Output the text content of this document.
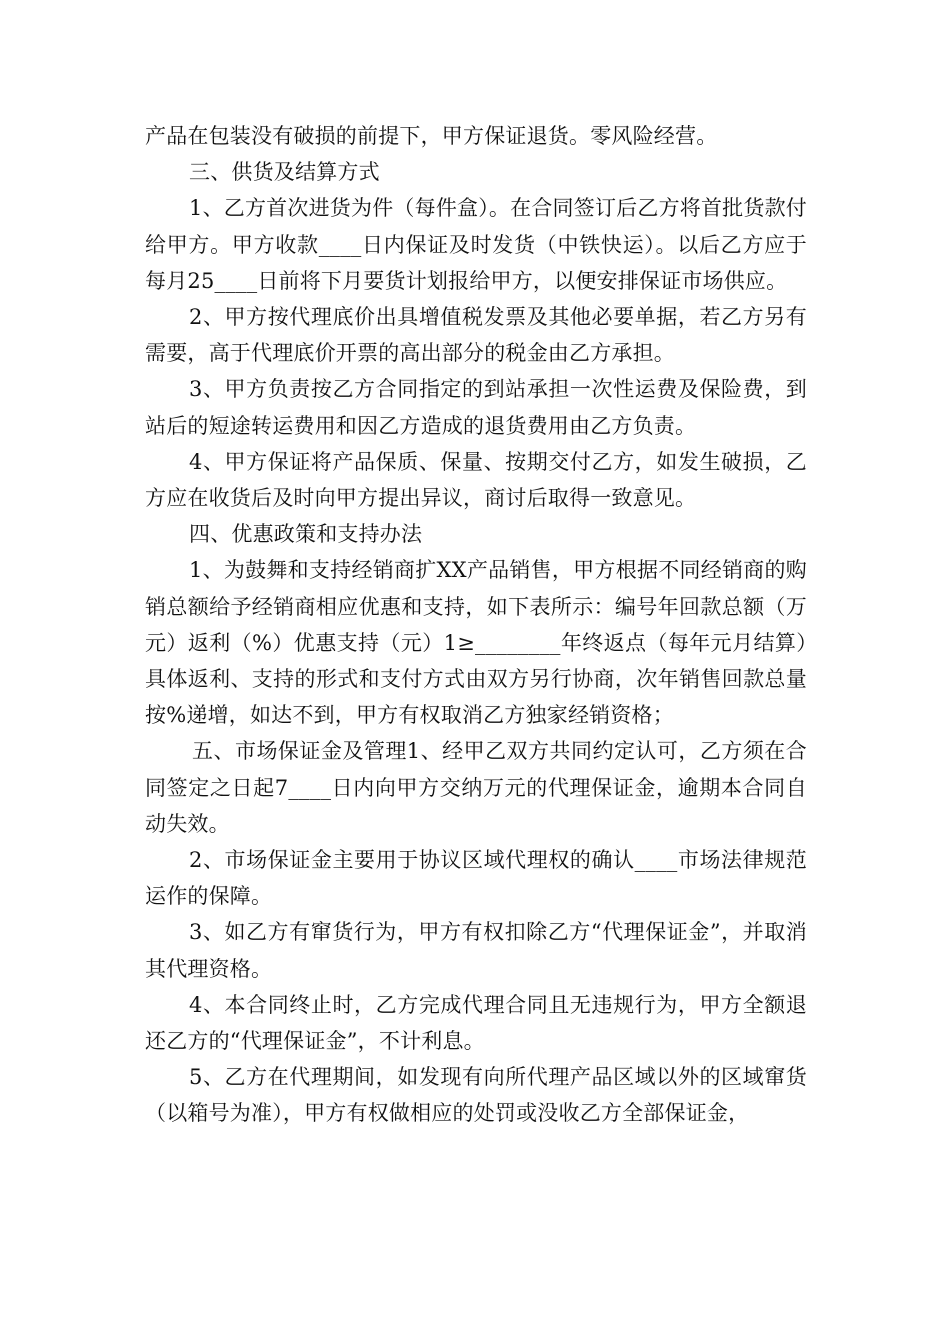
产品在包装没有破损的前提下，甲方保证退货。零风险经营。

三、供货及结算方式

1、乙方首次进货为件（每件盒）。在合同签订后乙方将首批货款付给甲方。甲方收款____日内保证及时发货（中铁快运）。以后乙方应于每月25____日前将下月要货计划报给甲方，以便安排保证市场供应。

2、甲方按代理底价出具增值税发票及其他必要单据，若乙方另有需要，高于代理底价开票的高出部分的税金由乙方承担。

3、甲方负责按乙方合同指定的到站承担一次性运费及保险费，到站后的短途转运费用和因乙方造成的退货费用由乙方负责。

4、甲方保证将产品保质、保量、按期交付乙方，如发生破损，乙方应在收货后及时向甲方提出异议，商讨后取得一致意见。

四、优惠政策和支持办法

1、为鼓舞和支持经销商扩XX产品销售，甲方根据不同经销商的购销总额给予经销商相应优惠和支持，如下表所示：编号年回款总额（万元）返利（%）优惠支持（元）1≥________年终返点（每年元月结算）具体返利、支持的形式和支付方式由双方另行协商，次年销售回款总量按%递增，如达不到，甲方有权取消乙方独家经销资格；

五、市场保证金及管理1、经甲乙双方共同约定认可，乙方须在合同签定之日起7____日内向甲方交纳万元的代理保证金，逾期本合同自动失效。

2、市场保证金主要用于协议区域代理权的确认____市场法律规范运作的保障。

3、如乙方有窜货行为，甲方有权扣除乙方“代理保证金”，并取消其代理资格。

4、本合同终止时，乙方完成代理合同且无违规行为，甲方全额退还乙方的“代理保证金”，不计利息。

5、乙方在代理期间，如发现有向所代理产品区域以外的区域窜货（以箱号为准），甲方有权做相应的处罚或没收乙方全部保证金，
